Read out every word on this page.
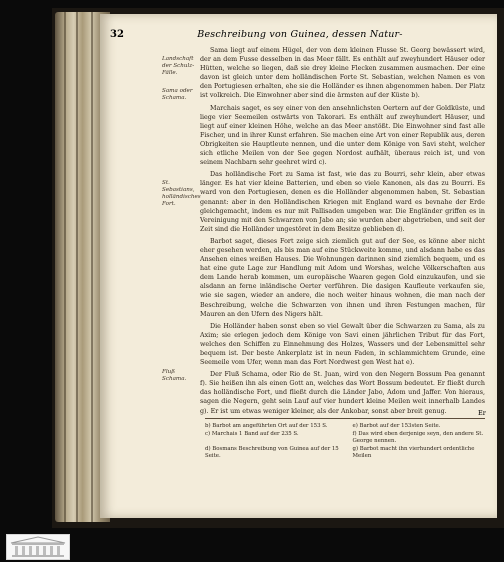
32	Beschreibung von Guinea, dessen Natur-
Landschaft der Schulz-Fälle.
Sama oder Schama.
St. Sebastians, holländisches Fort.
Fluß Schama.

Sama liegt auf einem Hügel, der von dem kleinen Flusse St. Georg bewässert wird, der an dem Fusse desselben in das Meer fällt. Es enthält auf zweyhundert Häuser oder Hütten, welche so liegen, daß sie drey kleine Flecken zusammen ausmachen. Der eine davon ist gleich unter dem holländischen Forte St. Sebastian, welchen Namen es von den Portugiesen erhalten, ehe sie die Holländer es ihnen abgenommen haben. Der Platz ist volkreich. Die Einwohner aber sind die ärmsten auf der Küste b).

Marchais saget, es sey einer von den ansehnlichsten Oertern auf der Goldküste, und liege vier Seemeilen ostwärts von Takorari. Es enthält auf zweyhundert Häuser, und liegt auf einer kleinen Höhe, welche an das Meer anstößt. Die Einwohner sind fast alle Fischer, und in ihrer Kunst erfahren. Sie machen eine Art von einer Republik aus, deren Obrigkeiten sie Hauptleute nennen, und die unter dem Könige von Savi steht, welcher sich etliche Meilen von der See gegen Nordost aufhält, überaus reich ist, und von seinem Nachbarn sehr geehret wird c).

Das holländische Fort zu Sama ist fast, wie das zu Bourri, sehr klein, aber etwas länger. Es hat vier kleine Batterien, und eben so viele Kanonen, als das zu Bourri. Es ward von den Portugiesen, denen es die Holländer abgenommen haben, St. Sebastian genannt: aber in den Holländischen Kriegen mit England ward es bevnahe der Erde gleichgemacht, indem es nur mit Pallisaden umgeben war. Die Engländer griffen es in Vereinigung mit den Schwarzen von Jabo an; sie wurden aber abgetrieben, und seit der Zeit sind die Holländer ungestöret in dem Besitze geblieben d).

Barbot saget, dieses Fort zeige sich ziemlich gut auf der See, es könne aber nicht eher gesehen werden, als bis man auf eine Stückweite komme, und alsdann habe es das Ansehen eines weißen Hauses. Die Wohnungen darinnen sind ziemlich bequem, und es hat eine gute Lage zur Handlung mit Adom und Worshas, welche Völkerschaften aus dem Lande herab kommen, um europäische Waaren gegen Gold einzukaufen, und sie alsdann an ferne inländische Oerter verführen. Die dasigen Kaufleute verkaufen sie, wie sie sagen, wieder an andere, die noch weiter hinaus wohnen, die man nach der Beschreibung, welche die Schwarzen von ihnen und ihren Festungen machen, für Mauren an den Ufern des Nigers hält.

Die Holländer haben sonst eben so viel Gewalt über die Schwarzen zu Sama, als zu Axim; sie erlegen jedoch dem Könige von Savi einen jährlichen Tribut für das Fort, welches den Schiffen zu Einnehmung des Holzes, Wassers und der Lebensmittel sehr bequem ist. Der beste Ankerplatz ist in neun Faden, in schlammichtem Grunde, eine Seemeile vom Ufer, wenn man das Fort Nordwest gen West hat e).

Der Fluß Schama, oder Rio de St. Juan, wird von den Negern Bossum Pea genannt f). Sie heißen ihn als einen Gott an, welches das Wort Bossum bedeutet. Er fließt durch das holländische Fort, und fließt durch die Länder Jabo, Adom und Jaffer. Von hieraus, sagen die Negern, geht sein Lauf auf vier hundert kleine Meilen weit innerhalb Landes g). Er ist um etwas weniger kleiner, als der Ankobar, sonst aber breit genug.	Er

b) Barbot am angeführten Ort auf der 153 S.	e) Barbot auf der 153sten Seite.

c) Marchais 1 Band auf der 235 S.	f) Das wird eben derjenige seyn, den andere St. George nennen.

d) Bosmans Beschreibung von Guinea auf der 15 Seite.

g) Barbot macht ihn vierhundert ordentliche Meilen
